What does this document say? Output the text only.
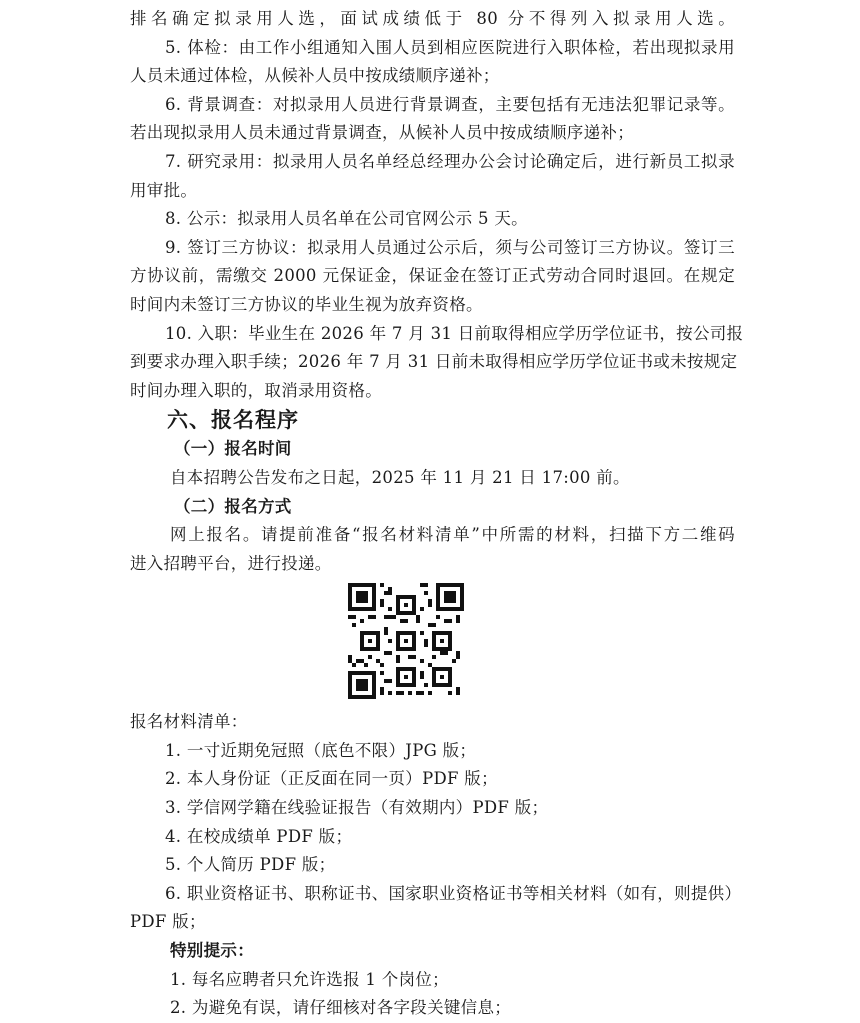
排名确定拟录用人选，面试成绩低于 80 分不得列入拟录用人选。
5. 体检：由工作小组通知入围人员到相应医院进行入职体检，若出现拟录用
人员未通过体检，从候补人员中按成绩顺序递补；
6. 背景调查：对拟录用人员进行背景调查，主要包括有无违法犯罪记录等。
若出现拟录用人员未通过背景调查，从候补人员中按成绩顺序递补；
7. 研究录用：拟录用人员名单经总经理办公会讨论确定后，进行新员工拟录
用审批。
8. 公示：拟录用人员名单在公司官网公示 5 天。
9. 签订三方协议：拟录用人员通过公示后，须与公司签订三方协议。签订三
方协议前，需缴交 2000 元保证金，保证金在签订正式劳动合同时退回。在规定
时间内未签订三方协议的毕业生视为放弃资格。
10. 入职：毕业生在 2026 年 7 月 31 日前取得相应学历学位证书，按公司报
到要求办理入职手续；2026 年 7 月 31 日前未取得相应学历学位证书或未按规定
时间办理入职的，取消录用资格。
六、报名程序
（一）报名时间
自本招聘公告发布之日起，2025 年 11 月 21 日 17:00 前。
（二）报名方式
网上报名。请提前准备“报名材料清单”中所需的材料，扫描下方二维码
进入招聘平台，进行投递。
报名材料清单：
1. 一寸近期免冠照（底色不限）JPG 版；
2. 本人身份证（正反面在同一页）PDF 版；
3. 学信网学籍在线验证报告（有效期内）PDF 版；
4. 在校成绩单 PDF 版；
5. 个人简历 PDF 版；
6. 职业资格证书、职称证书、国家职业资格证书等相关材料（如有，则提供）
PDF 版；
特别提示：
1. 每名应聘者只允许选报 1 个岗位；
2. 为避免有误，请仔细核对各字段关键信息；
